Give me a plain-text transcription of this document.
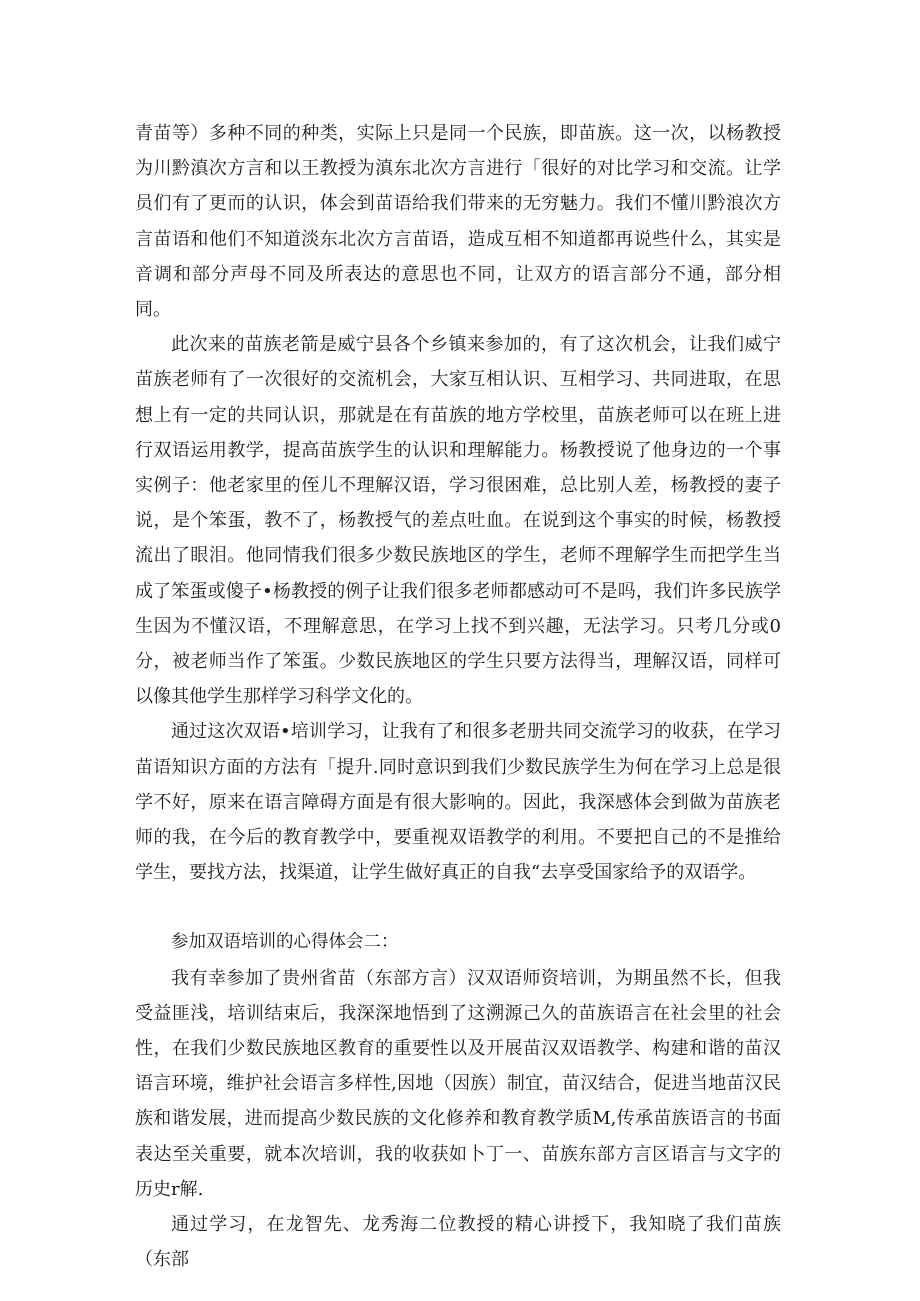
青苗等）多种不同的种类，实际上只是同一个民族，即苗族。这一次，以杨教授为川黔滇次方言和以王教授为滇东北次方言进行「很好的对比学习和交流。让学员们有了更而的认识，体会到苗语给我们带来的无穷魅力。我们不懂川黔浪次方言苗语和他们不知道淡东北次方言苗语，造成互相不知道都再说些什么，其实是音调和部分声母不同及所表达的意思也不同，让双方的语言部分不通，部分相同。

此次来的苗族老箭是威宁县各个乡镇来参加的，有了这次机会，让我们威宁苗族老师有了一次很好的交流机会，大家互相认识、互相学习、共同进取，在思想上有一定的共同认识，那就是在有苗族的地方学校里，苗族老师可以在班上进行双语运用教学，提高苗族学生的认识和理解能力。杨教授说了他身边的一个事实例子：他老家里的侄儿不理解汉语，学习很困难，总比别人差，杨教授的妻子说，是个笨蛋，教不了，杨教授气的差点吐血。在说到这个事实的时候，杨教授流出了眼泪。他同情我们很多少数民族地区的学生，老师不理解学生而把学生当成了笨蛋或傻子•杨教授的例子让我们很多老师都感动可不是吗，我们许多民族学生因为不懂汉语，不理解意思，在学习上找不到兴趣，无法学习。只考几分或0分，被老师当作了笨蛋。少数民族地区的学生只要方法得当，理解汉语，同样可以像其他学生那样学习科学文化的。

通过这次双语•培训学习，让我有了和很多老册共同交流学习的收获，在学习苗语知识方面的方法有「提升.同时意识到我们少数民族学生为何在学习上总是很学不好，原来在语言障碍方面是有很大影响的。因此，我深感体会到做为苗族老师的我，在今后的教育教学中，要重视双语教学的利用。不要把自己的不是推给学生，要找方法，找渠道，让学生做好真正的自我“去享受国家给予的双语学。

参加双语培训的心得体会二：

我有幸参加了贵州省苗（东部方言）汉双语师资培训，为期虽然不长，但我受益匪浅，培训结束后，我深深地悟到了这溯源己久的苗族语言在社会里的社会性，在我们少数民族地区教育的重要性以及开展苗汉双语教学、构建和谐的苗汉语言环境，维护社会语言多样性,因地（因族）制宜，苗汉结合，促进当地苗汉民族和谐发展，进而提高少数民族的文化修养和教育教学质M,传承苗族语言的书面表达至关重要，就本次培训，我的收获如卜丁一、苗族东部方言区语言与文字的历史r解.

通过学习，在龙智先、龙秀海二位教授的精心讲授下，我知晓了我们苗族（东部
